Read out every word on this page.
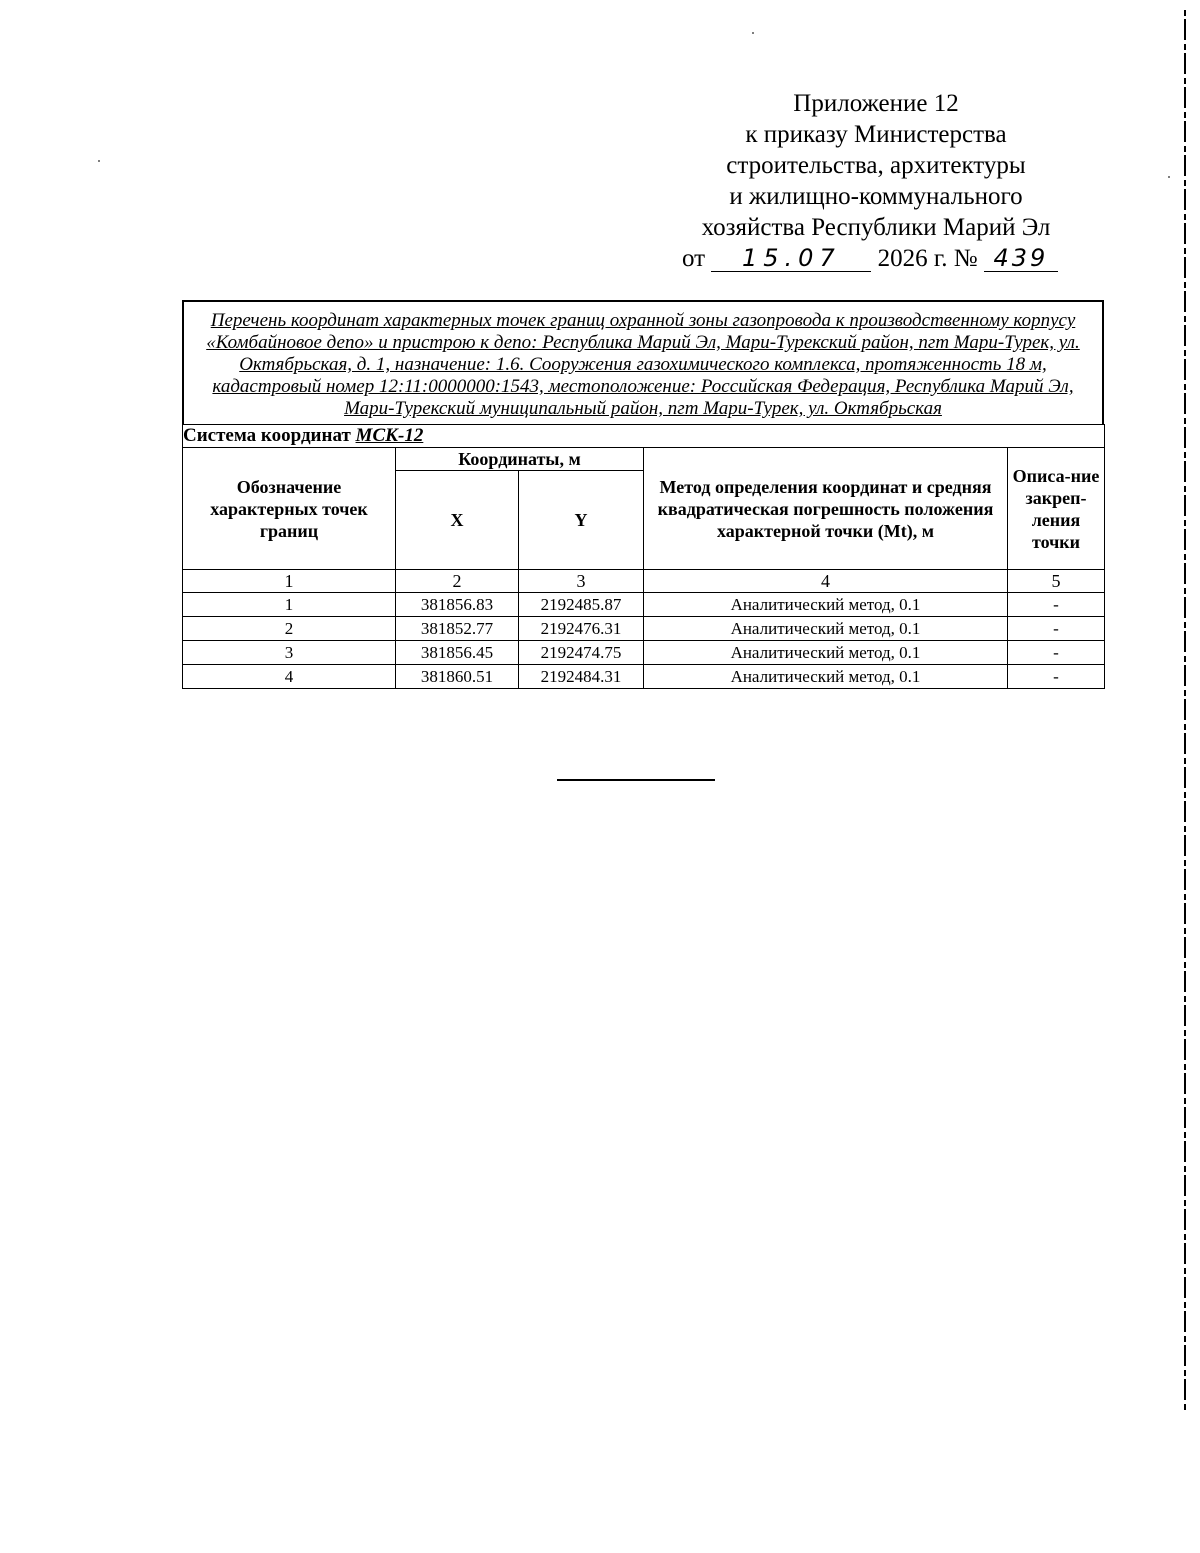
Приложение 12
к приказу Министерства
строительства, архитектуры
и жилищно-коммунального
хозяйства Республики Марий Эл
от 15.07 2026 г. № 439
Перечень координат характерных точек границ охранной зоны газопровода к производственному корпусу «Комбайновое депо» и пристрою к депо: Республика Марий Эл, Мари-Турекский район, пгт Мари-Турек, ул. Октябрьская, д. 1, назначение: 1.6. Сооружения газохимического комплекса, протяженность 18 м, кадастровый номер 12:11:0000000:1543, местоположение: Российская Федерация, Республика Марий Эл, Мари-Турекский муниципальный район, пгт Мари-Турек, ул. Октябрьская
Система координат МСК-12				
Обозначение характерных точек границ	Координаты, м		Метод определения координат и средняя квадратическая погрешность положения характерной точки (Mt), м	Описа-ние закреп-ления точки
	X	Y		
1	2	3	4	5
1	381856.83	2192485.87	Аналитический метод, 0.1	-
2	381852.77	2192476.31	Аналитический метод, 0.1	-
3	381856.45	2192474.75	Аналитический метод, 0.1	-
4	381860.51	2192484.31	Аналитический метод, 0.1	-
